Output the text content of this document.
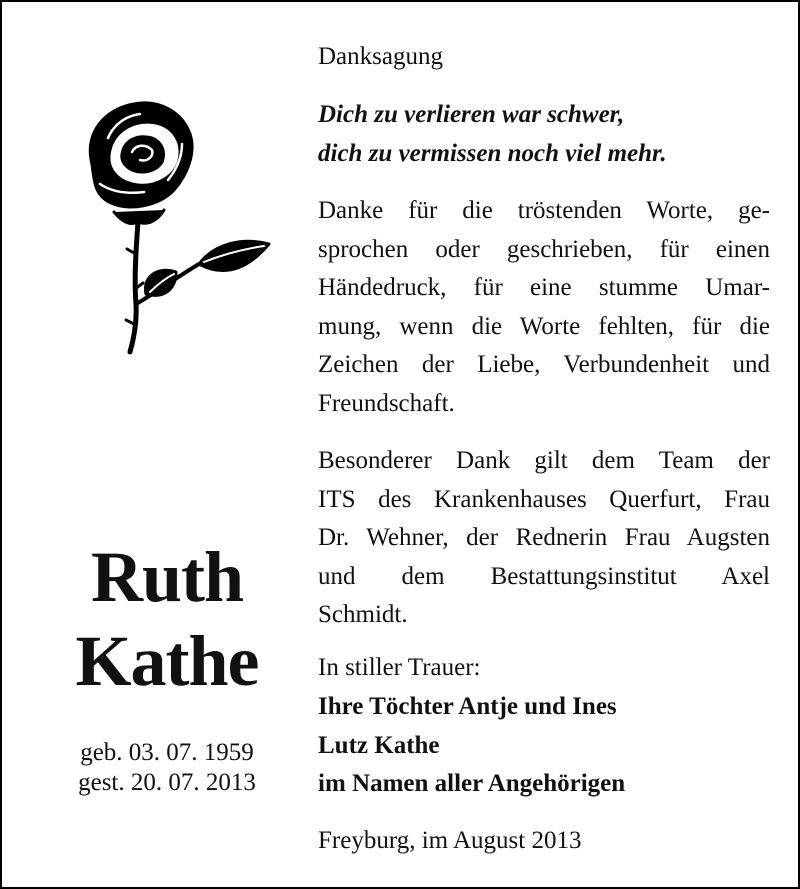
Ruth
Kathe
geb. 03. 07. 1959
gest. 20. 07. 2013
Danksagung
Dich zu verlieren war schwer,
dich zu vermissen noch viel mehr.
Danke für die tröstenden Worte, ge-
sprochen oder geschrieben, für einen
Händedruck, für eine stumme Umar-
mung, wenn die Worte fehlten, für die
Zeichen der Liebe, Verbundenheit und
Freundschaft.
Besonderer Dank gilt dem Team der
ITS des Krankenhauses Querfurt, Frau
Dr. Wehner, der Rednerin Frau Augsten
und dem Bestattungsinstitut Axel
Schmidt.
In stiller Trauer:
Ihre Töchter Antje und Ines
Lutz Kathe
im Namen aller Angehörigen
Freyburg, im August 2013
